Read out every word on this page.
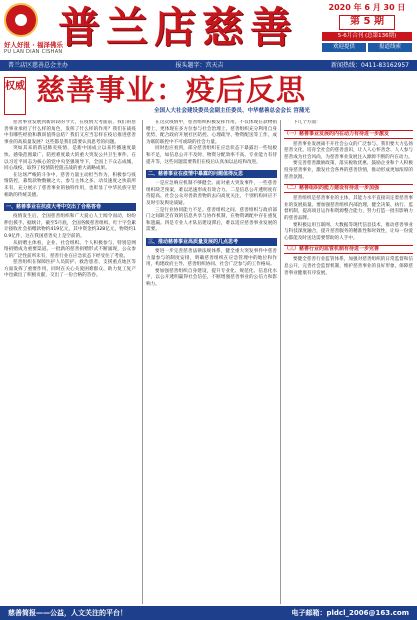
好人好报 · 福泽佛乐
PU LAN DIAN CISHAN
普兰店慈善	2020 年 6 月 30 日
第 5 期
5-6月合刊 (总第136期)
欢迎提供	报道线索
普兰店区慈善总会主办	报头题字：宫天吉	新闻热线：0411-83162957
权威 慈善事业：疫后反思
全国人大社会建设委员会副主任委员、中华慈善总会会长 宫蒲光

慈善事业发展到新阶段的今天，在疫情大考面前，我们的慈善事业承担了什么样的角色，发挥了什么样的作用？我们在战疫中有哪些经验和教训值得总结？我们又应当怎样在疫后推进慈善事业的高质量发展？这些都是我们需要认真思考的问题。

突如其来的新冠肺炎疫情，是新中国成立以来传播速度最快、感染范围最广、防控难度最大的重大突发公共卫生事件。在以习近平同志为核心的党中央坚强领导下，全国上下众志成城，同心战疫，取得了疫情防控阻击战的重大战略成果。

在这场严峻的斗争中，慈善力量主动担当作为，积极参与疫情防控，募集款物数额之大、参与主体之多、动员速度之快前所未有，充分展示了慈善事业的独特作用，也彰显了中华民族守望相助的传统美德。

一、慈善事业在抗疫大考中交出了合格答卷

疫情发生后，全国慈善组织和广大爱心人士闻令而动，纷纷伸出援手。据统计，截至5月底，全国各级慈善组织、红十字会累计接收社会捐赠款物约419亿元，其中资金约328亿元，物资约10.9亿件，这在我国慈善史上是空前的。

从捐赠主体看，企业、社会组织、个人积极参与，特别是网络捐赠成为重要渠道。一批新的慈善捐赠形式不断涌现，公众参与的广泛性前所未有，慈善行业在应急状态下经受住了考验。

慈善组织在保障医护人员防护、救治患者、支援重点地区等方面发挥了重要作用，同时在关心关爱困难群众、助力复工复产中也做出了积极贡献，交出了一份合格的答卷。

在这次疫情中，慈善组织积极发挥作用，不仅体现在款物捐赠上，更体现在多方位参与社会治理上。慈善组织充分利用自身优势，配合政府开展社区防控、心理疏导、物资配送等工作，成为联防联控中不可或缺的社会力量。

同时也应看到，部分慈善组织在应急状态下暴露出一些短板和不足，如信息公开不及时、物资分配效率不高、专业能力有待提升等，这些问题需要我们在疫后认真加以总结和改进。

二、慈善事业在疫情中暴露的问题值得反思

一是应急响应机制不够健全。面对重大突发事件，一些慈善组织缺乏预案，难以迅速形成有效合力。二是信息公开透明度有待提高。社会公众对善款善物的去向高度关注，个别机构回应不及时引发舆论质疑。

三是行业协同能力不足。慈善组织之间、慈善组织与政府部门之间缺乏有效的信息共享与协作机制，在物资调配中存在重复和遗漏。四是专业人才队伍建设滞后，难以适应慈善事业发展的需要。

三、推动慈善事业高质量发展的几点思考

要进一步完善慈善法律法规体系，健全重大突发事件中慈善力量参与的制度安排，明确慈善组织在应急管理中的地位和作用，构建政府主导、慈善组织协同、社会广泛参与的工作格局。

要加强慈善组织自身建设，提升专业化、规范化、信息化水平，以公开透明赢得社会信任，不断增强慈善事业的公信力和影响力。

下几个方面：

（一）慈善事业发展的内在动力有待进一步激发

慈善事业发展离不开社会公众的广泛参与。我们要大力弘扬慈善文化，培育全社会的慈善意识，让人人心怀善念、人人参与慈善成为社会风尚，为慈善事业发展注入源源不断的内在动力。

要完善慈善激励政策，落实税收优惠，鼓励企业和个人积极投身慈善事业，激发社会各界的慈善热情，推动形成更加浓厚的慈善氛围。

（二）慈善组织的能力建设有待进一步加强

慈善组织是慈善事业的主体，其能力水平直接决定着慈善事业的发展质量。要加强慈善组织内部治理，健全决策、执行、监督机制，提高项目运作和资源整合能力，努力打造一批有影响力的慈善品牌。

要积极运用互联网、大数据等现代信息技术，推动慈善事业与科技深度融合，提升慈善服务的精准性和时效性，让每一份爱心都能及时送达需要帮助的人手中。

（三）慈善行业的监管机制有待进一步完善

要健全慈善行业监管体系，加强对慈善组织的日常监督和信息公开，完善社会监督机制，维护慈善事业的良好形象，保障慈善事业健康有序发展。

慈善简报——公益，人文关注的平台！	电子邮箱：pldcl_2006@163.com
